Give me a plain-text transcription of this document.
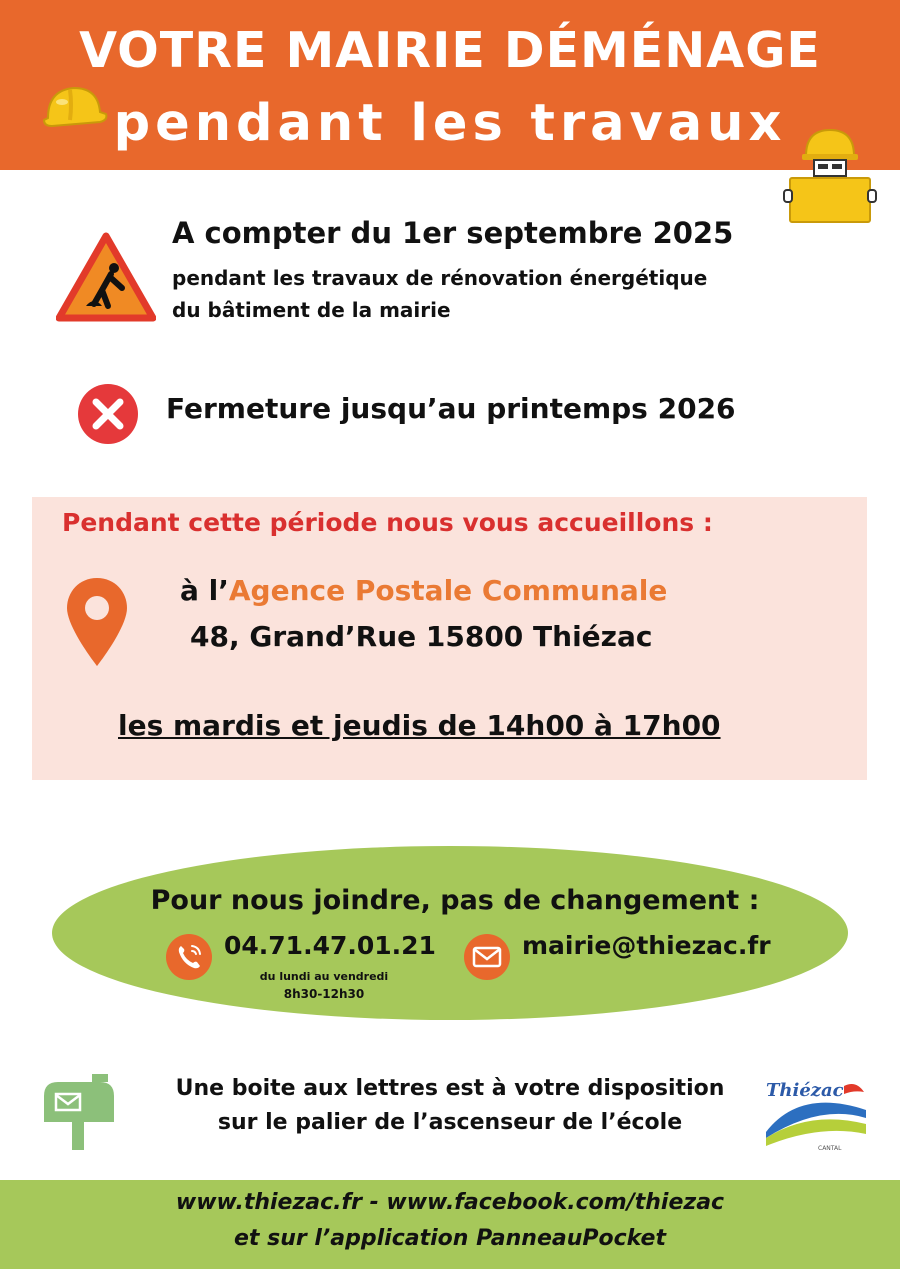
VOTRE MAIRIE DÉMÉNAGE
pendant les travaux
A compter du 1er septembre 2025
pendant les travaux de rénovation énergétique
du bâtiment de la mairie
Fermeture jusqu’au printemps 2026
Pendant cette période nous vous accueillons :
à l’Agence Postale Communale
48, Grand’Rue 15800 Thiézac
les mardis et jeudis de 14h00 à 17h00
Pour nous joindre, pas de changement :
04.71.47.01.21
du lundi au vendredi
8h30-12h30
mairie@thiezac.fr
Une boite aux lettres est à votre disposition
sur le palier de l’ascenseur de l’école
Thiézac
CANTAL
www.thiezac.fr - www.facebook.com/thiezac
et sur l’application PanneauPocket
